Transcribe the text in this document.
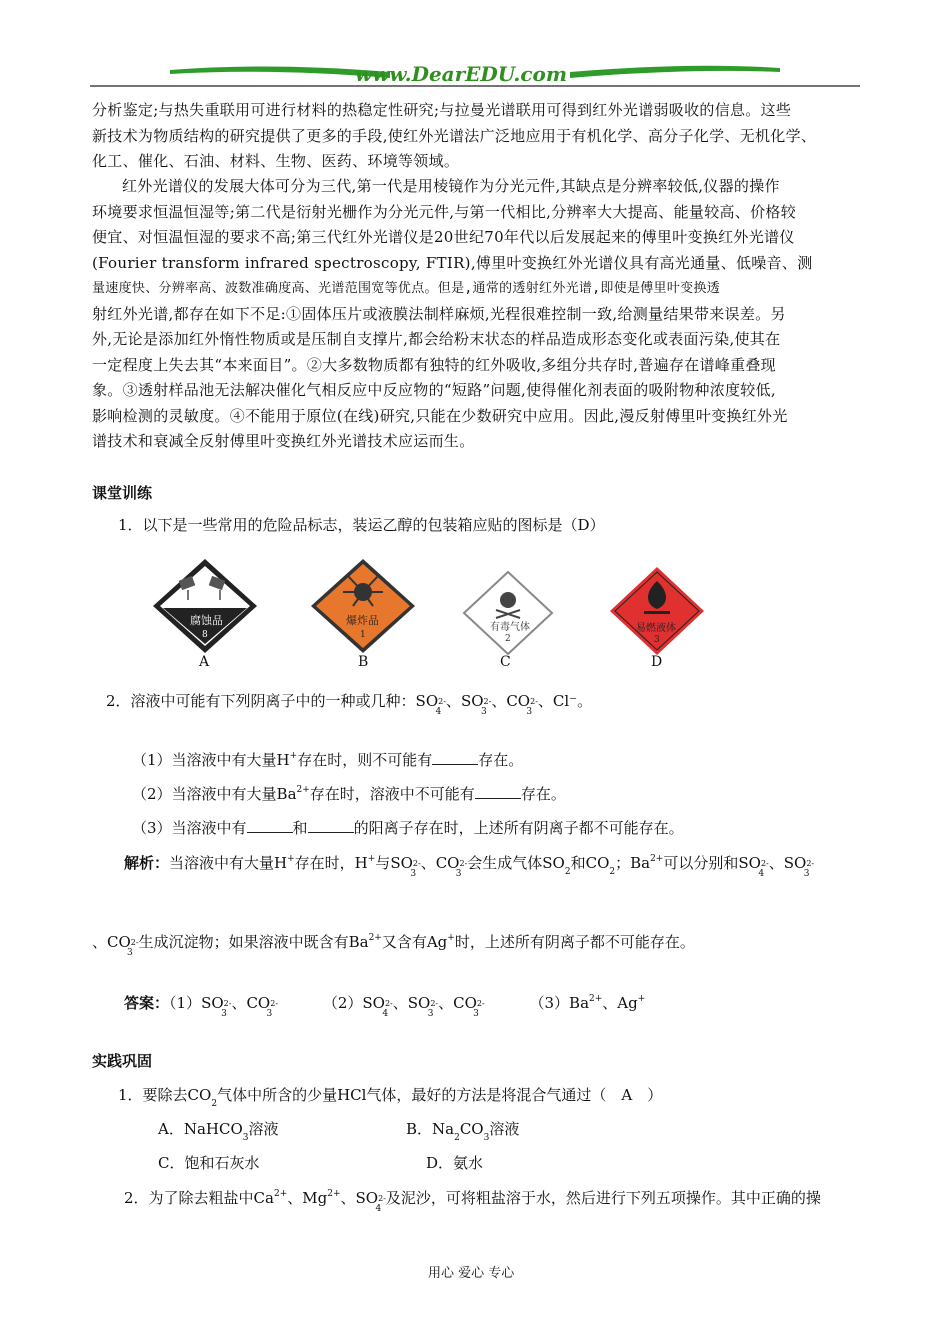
www.DearEDU.com
分析鉴定;与热失重联用可进行材料的热稳定性研究;与拉曼光谱联用可得到红外光谱弱吸收的信息。这些
新技术为物质结构的研究提供了更多的手段,使红外光谱法广泛地应用于有机化学、高分子化学、无机化学、
化工、催化、石油、材料、生物、医药、环境等领域。
红外光谱仪的发展大体可分为三代,第一代是用棱镜作为分光元件,其缺点是分辨率较低,仪器的操作
环境要求恒温恒湿等;第二代是衍射光栅作为分光元件,与第一代相比,分辨率大大提高、能量较高、价格较
便宜、对恒温恒湿的要求不高;第三代红外光谱仪是20世纪70年代以后发展起来的傅里叶变换红外光谱仪
(Fourier transform infrared spectroscopy, FTIR),傅里叶变换红外光谱仪具有高光通量、低噪音、测
量速度快、分辨率高、波数准确度高、光谱范围宽等优点。但是,通常的透射红外光谱,即使是傅里叶变换透
射红外光谱,都存在如下不足:①固体压片或液膜法制样麻烦,光程很难控制一致,给测量结果带来误差。另
外,无论是添加红外惰性物质或是压制自支撑片,都会给粉末状态的样品造成形态变化或表面污染,使其在
一定程度上失去其“本来面目”。②大多数物质都有独特的红外吸收,多组分共存时,普遍存在谱峰重叠现
象。③透射样品池无法解决催化气相反应中反应物的“短路”问题,使得催化剂表面的吸附物种浓度较低,
影响检测的灵敏度。④不能用于原位(在线)研究,只能在少数研究中应用。因此,漫反射傅里叶变换红外光
谱技术和衰减全反射傅里叶变换红外光谱技术应运而生。
课堂训练
1．以下是一些常用的危险品标志，装运乙醇的包装箱应贴的图标是（D）
腐蚀品
8
A
爆炸品
1
B
有毒气体
2
C
易燃液体
3
D
2．溶液中可能有下列阴离子中的一种或几种：SO2-
4
、SO2-
3
、CO2-
3
、Cl⁻。
（1）当溶液中有大量H+存在时，则不可能有	存在。
（2）当溶液中有大量$Ba^{2+}$存在时，溶液中不可能有	存在。
（3）当溶液中有	和	的阳离子存在时，上述所有阴离子都不可能存在。
解析：当溶液中有大量H+存在时，H+与SO2-
3
、CO2-
3
会生成气体$SO_2$和$CO_2$；$Ba^{2+}$可以分别和SO2-
4
、SO2-
3
、CO2-
3
生成沉淀物；如果溶液中既含有$Ba^{2+}$又含有Ag+时，上述所有阴离子都不可能存在。
答案：（1）SO2-
3
、CO2-
3
（2）SO2-
4
、SO2-
3
、CO2-
3
$(3)Ba^{2+}$、Ag+
实践巩固
1．要除去$CO_2$气体中所含的少量HCl气体，最好的方法是将混合气通过（　A　）
A．NaHCO$_3$溶液	B．$Na_2CO_3$溶液
C．饱和石灰水	D．氨水
2．为了除去粗盐中$Ca^{2+}$、$Mg^{2+}$、SO2-
4
及泥沙，可将粗盐溶于水，然后进行下列五项操作。其中正确的操
用心 爱心 专心
